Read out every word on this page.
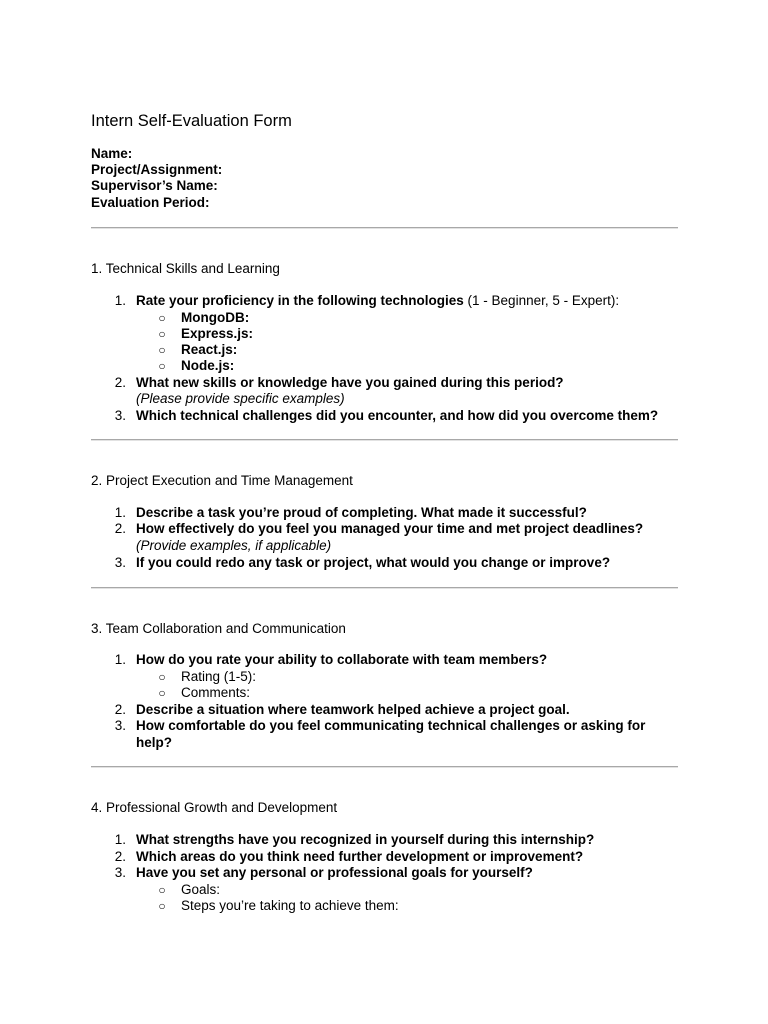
Intern Self-Evaluation Form
Name:
Project/Assignment:
Supervisor’s Name:
Evaluation Period:
1. Technical Skills and Learning
1. Rate your proficiency in the following technologies (1 - Beginner, 5 - Expert):
○ MongoDB:
○ Express.js:
○ React.js:
○ Node.js:
2. What new skills or knowledge have you gained during this period?
(Please provide specific examples)
3. Which technical challenges did you encounter, and how did you overcome them?
2. Project Execution and Time Management
1. Describe a task you’re proud of completing. What made it successful?
2. How effectively do you feel you managed your time and met project deadlines?
(Provide examples, if applicable)
3. If you could redo any task or project, what would you change or improve?
3. Team Collaboration and Communication
1. How do you rate your ability to collaborate with team members?
○ Rating (1-5):
○ Comments:
2. Describe a situation where teamwork helped achieve a project goal.
3. How comfortable do you feel communicating technical challenges or asking for
help?
4. Professional Growth and Development
1. What strengths have you recognized in yourself during this internship?
2. Which areas do you think need further development or improvement?
3. Have you set any personal or professional goals for yourself?
○ Goals:
○ Steps you’re taking to achieve them:
